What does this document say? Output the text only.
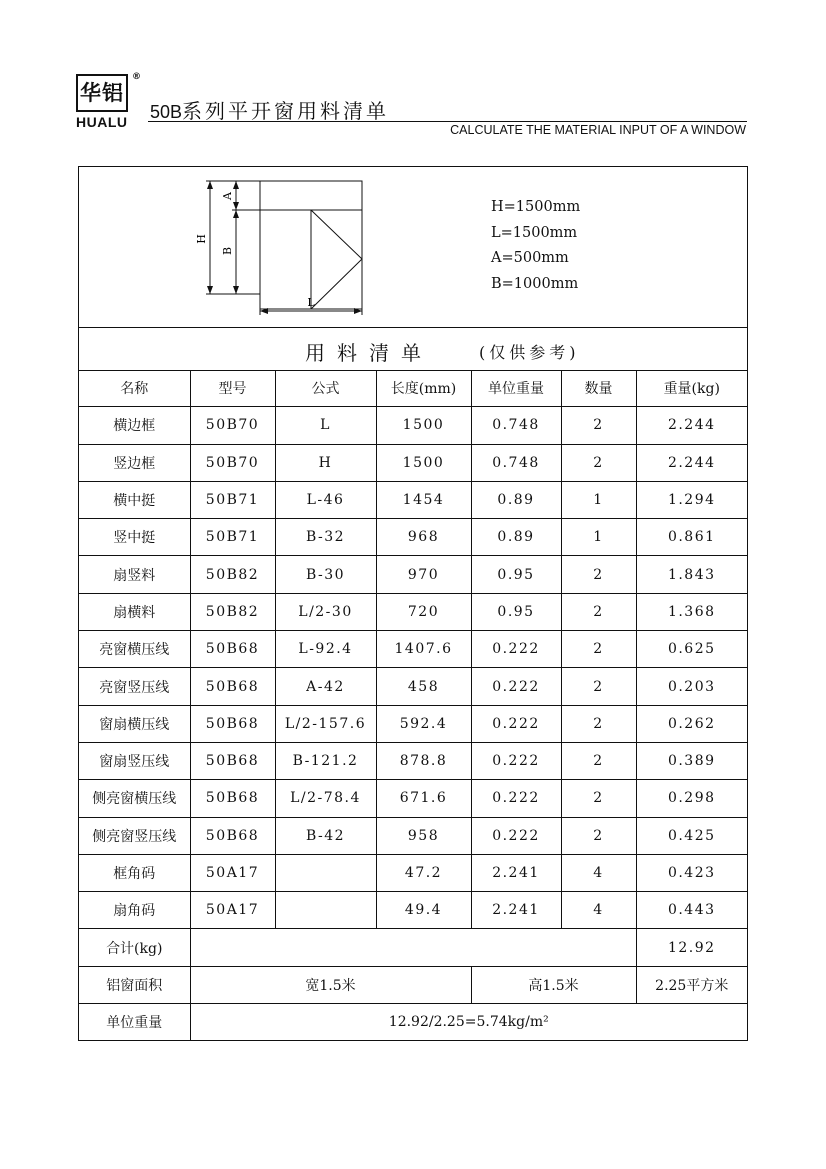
华铝
®
HUALU 50B系列平开窗用料清单
CALCULATE THE MATERIAL INPUT OF A WINDOW
H
A
B
L
H=1500mm
L=1500mm
A=500mm
B=1000mm
用料清单	(仅供参考)
名称	型号	公式	长度(mm)	单位重量	数量	重量(kg)
横边框	50B70	L	1500	0.748	2	2.244
竖边框	50B70	H	1500	0.748	2	2.244
横中挺	50B71	L-46	1454	0.89	1	1.294
竖中挺	50B71	B-32	968	0.89	1	0.861
扇竖料	50B82	B-30	970	0.95	2	1.843
扇横料	50B82	L/2-30	720	0.95	2	1.368
亮窗横压线	50B68	L-92.4	1407.6	0.222	2	0.625
亮窗竖压线	50B68	A-42	458	0.222	2	0.203
窗扇横压线	50B68	L/2-157.6	592.4	0.222	2	0.262
窗扇竖压线	50B68	B-121.2	878.8	0.222	2	0.389
侧亮窗横压线	50B68	L/2-78.4	671.6	0.222	2	0.298
侧亮窗竖压线	50B68	B-42	958	0.222	2	0.425
框角码	50A17		47.2	2.241	4	0.423
扇角码	50A17		49.4	2.241	4	0.443
合计(kg)						12.92
铝窗面积	宽1.5米			高1.5米		2.25平方米
单位重量	12.92/2.25=5.74kg/m²					
